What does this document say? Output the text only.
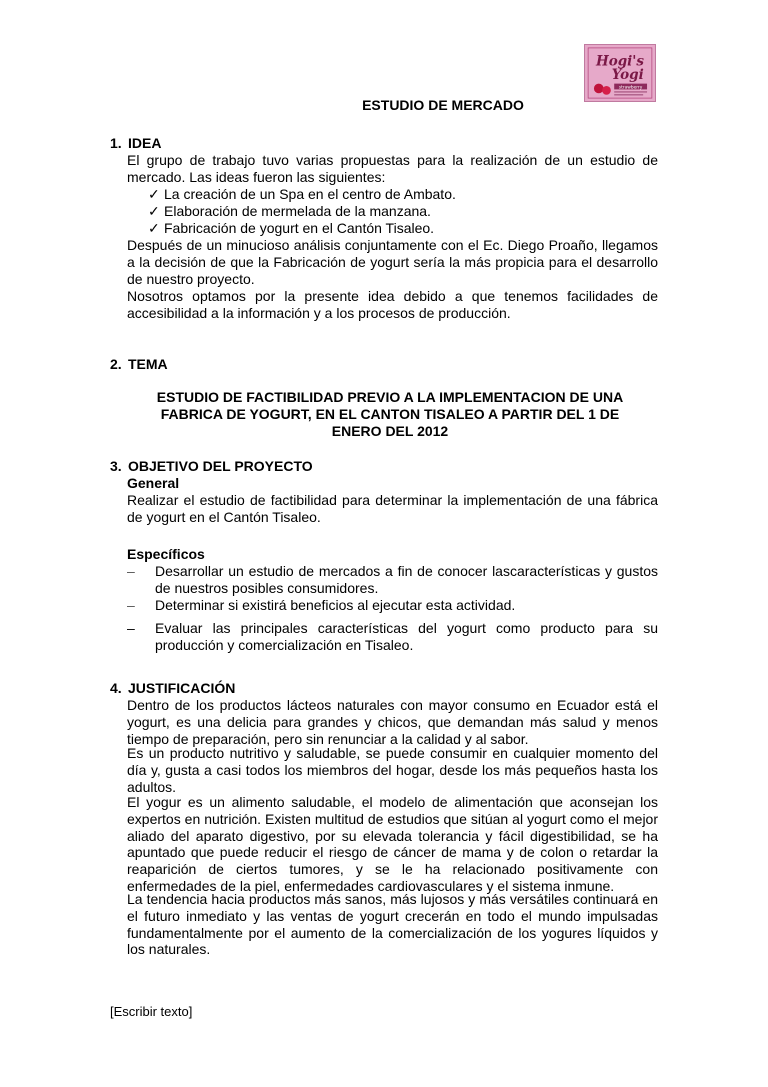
Hogi's
Yogi
strawberry
ESTUDIO DE MERCADO
1. IDEA
El grupo de trabajo tuvo varias propuestas para la realización de un estudio de mercado. Las ideas fueron las siguientes:
✓ La creación de un Spa en el centro de Ambato.
✓ Elaboración de mermelada de la manzana.
✓ Fabricación de yogurt en el Cantón Tisaleo.
Después de un minucioso análisis conjuntamente con el Ec. Diego Proaño, llegamos a la decisión de que la Fabricación de yogurt sería la más propicia para el desarrollo de nuestro proyecto.
Nosotros optamos por la presente idea debido a que tenemos facilidades de accesibilidad a la información y a los procesos de producción.
2. TEMA
ESTUDIO DE FACTIBILIDAD PREVIO A LA IMPLEMENTACION DE UNA
FABRICA DE YOGURT, EN EL CANTON TISALEO A PARTIR DEL 1 DE
ENERO DEL 2012
3. OBJETIVO DEL PROYECTO
General
Realizar el estudio de factibilidad para determinar la implementación de una fábrica de yogurt en el Cantón Tisaleo.
Específicos
– Desarrollar un estudio de mercados a fin de conocer lascaracterísticas y gustos de nuestros posibles consumidores.
– Determinar si existirá beneficios al ejecutar esta actividad.
– Evaluar las principales características del yogurt como producto para su producción y comercialización en Tisaleo.
4. JUSTIFICACIÓN
Dentro de los productos lácteos naturales con mayor consumo en Ecuador está el yogurt, es una delicia para grandes y chicos, que demandan más salud y menos tiempo de preparación, pero sin renunciar a la calidad y al sabor.
Es un producto nutritivo y saludable, se puede consumir en cualquier momento del día y, gusta a casi todos los miembros del hogar, desde los más pequeños hasta los adultos.
El yogur es un alimento saludable, el modelo de alimentación que aconsejan los expertos en nutrición. Existen multitud de estudios que sitúan al yogurt como el mejor aliado del aparato digestivo, por su elevada tolerancia y fácil digestibilidad, se ha apuntado que puede reducir el riesgo de cáncer de mama y de colon o retardar la reaparición de ciertos tumores, y se le ha relacionado positivamente con enfermedades de la piel, enfermedades cardiovasculares y el sistema inmune.
La tendencia hacia productos más sanos, más lujosos y más versátiles continuará en el futuro inmediato y las ventas de yogurt crecerán en todo el mundo impulsadas fundamentalmente por el aumento de la comercialización de los yogures líquidos y los naturales.
[Escribir texto]
